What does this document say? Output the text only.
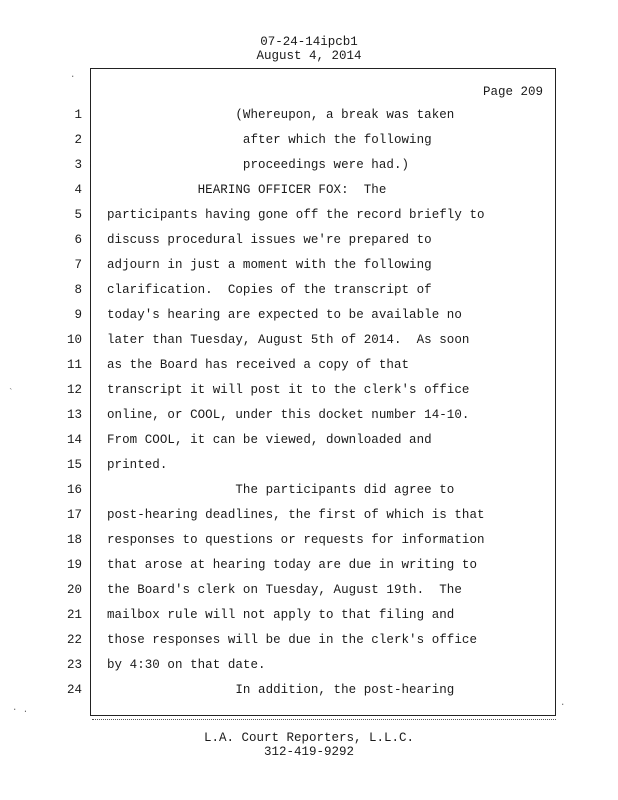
07-24-14ipcb1
August 4, 2014
.
`
· .	·
Page 209
1 (Whereupon, a break was taken
2 after which the following
3 proceedings were had.)
4 HEARING OFFICER FOX:  The
5 participants having gone off the record briefly to
6 discuss procedural issues we're prepared to
7 adjourn in just a moment with the following
8 clarification.  Copies of the transcript of
9 today's hearing are expected to be available no
10 later than Tuesday, August 5th of 2014.  As soon
11 as the Board has received a copy of that
12 transcript it will post it to the clerk's office
13 online, or COOL, under this docket number 14-10.
14 From COOL, it can be viewed, downloaded and
15 printed.
16 The participants did agree to
17 post-hearing deadlines, the first of which is that
18 responses to questions or requests for information
19 that arose at hearing today are due in writing to
20 the Board's clerk on Tuesday, August 19th.  The
21 mailbox rule will not apply to that filing and
22 those responses will be due in the clerk's office
23 by 4:30 on that date.
24 In addition, the post-hearing
L.A. Court Reporters, L.L.C.
312-419-9292
